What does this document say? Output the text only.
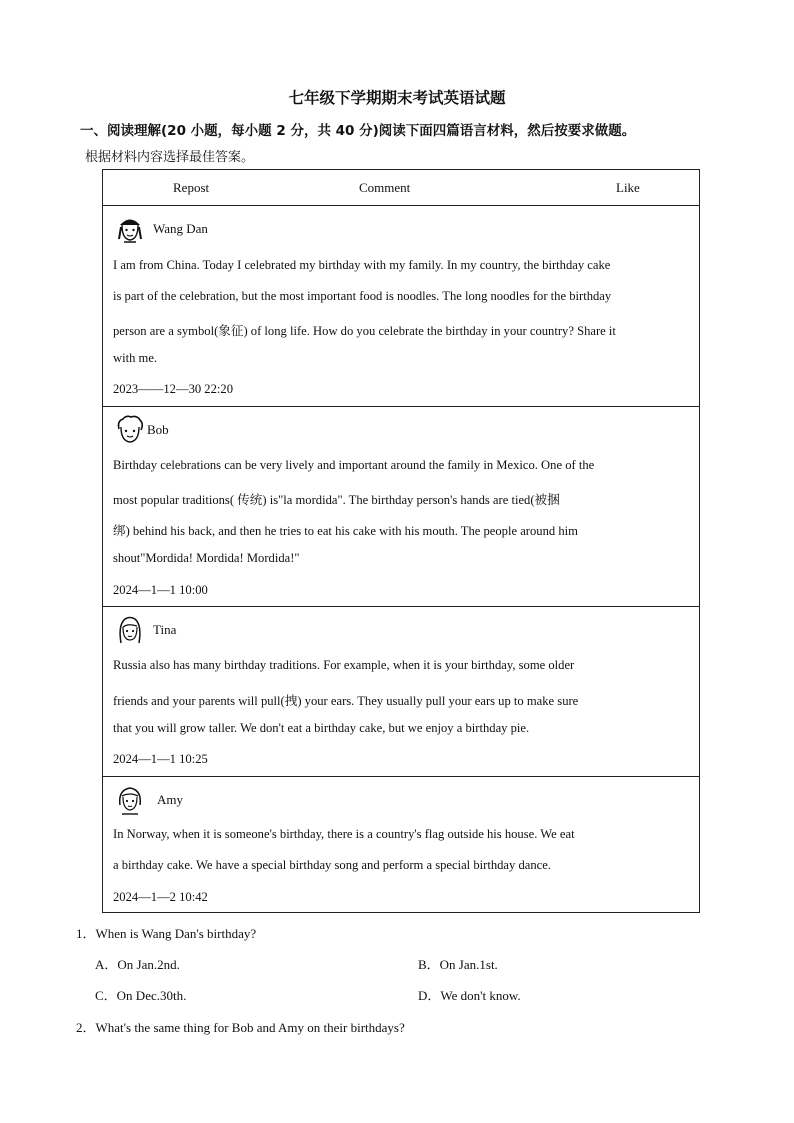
七年级下学期期末考试英语试题
一、阅读理解(20 小题，每小题 2 分，共 40 分)阅读下面四篇语言材料，然后按要求做题。
根据材料内容选择最佳答案。
Repost	Comment	Like
Wang Dan
I am from China. Today I celebrated my birthday with my family. In my country, the birthday cake
is part of the celebration, but the most important food is noodles. The long noodles for the birthday
person are a symbol(象征) of long life. How do you celebrate the birthday in your country? Share it
with me.
2023——12—30 22:20
Bob
Birthday celebrations can be very lively and important around the family in Mexico. One of the
most popular traditions( 传统) is"la mordida". The birthday person's hands are tied(被捆
绑) behind his back, and then he tries to eat his cake with his mouth. The people around him
shout"Mordida! Mordida! Mordida!"
2024—1—1 10:00
Tina
Russia also has many birthday traditions. For example, when it is your birthday, some older
friends and your parents will pull(拽) your ears. They usually pull your ears up to make sure
that you will grow taller. We don't eat a birthday cake, but we enjoy a birthday pie.
2024—1—1 10:25
Amy
In Norway, when it is someone's birthday, there is a country's flag outside his house. We eat
a birthday cake. We have a special birthday song and perform a special birthday dance.
2024—1—2 10:42
1．When is Wang Dan's birthday?
A．On Jan.2nd.	B．On Jan.1st.
C．On Dec.30th.	D．We don't know.
2．What's the same thing for Bob and Amy on their birthdays?
